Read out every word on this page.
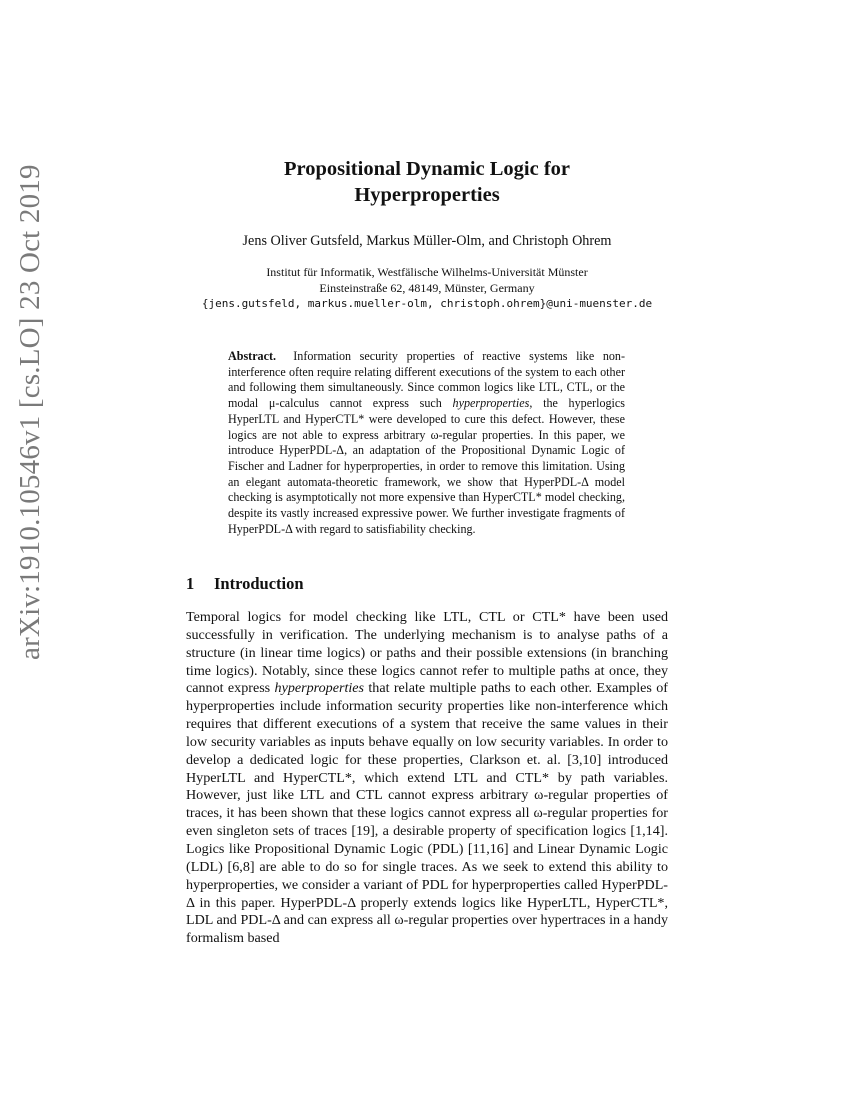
arXiv:1910.10546v1 [cs.LO] 23 Oct 2019	Propositional Dynamic Logic for
Hyperproperties
Jens Oliver Gutsfeld, Markus Müller-Olm, and Christoph Ohrem
Institut für Informatik, Westfälische Wilhelms-Universität Münster
Einsteinstraße 62, 48149, Münster, Germany
{jens.gutsfeld, markus.mueller-olm, christoph.ohrem}@uni-muenster.de
Abstract. Information security properties of reactive systems like non-interference often require relating different executions of the system to each other and following them simultaneously. Since common logics like LTL, CTL, or the modal μ-calculus cannot express such hyperproperties, the hyperlogics HyperLTL and HyperCTL* were developed to cure this defect. However, these logics are not able to express arbitrary ω-regular properties. In this paper, we introduce HyperPDL-Δ, an adaptation of the Propositional Dynamic Logic of Fischer and Ladner for hyperproperties, in order to remove this limitation. Using an elegant automata-theoretic framework, we show that HyperPDL-Δ model checking is asymptotically not more expensive than HyperCTL* model checking, despite its vastly increased expressive power. We further investigate fragments of HyperPDL-Δ with regard to satisfiability checking.
1 Introduction
Temporal logics for model checking like LTL, CTL or CTL* have been used successfully in verification. The underlying mechanism is to analyse paths of a structure (in linear time logics) or paths and their possible extensions (in branching time logics). Notably, since these logics cannot refer to multiple paths at once, they cannot express hyperproperties that relate multiple paths to each other. Examples of hyperproperties include information security properties like non-interference which requires that different executions of a system that receive the same values in their low security variables as inputs behave equally on low security variables. In order to develop a dedicated logic for these properties, Clarkson et. al. [3,10] introduced HyperLTL and HyperCTL*, which extend LTL and CTL* by path variables. However, just like LTL and CTL cannot express arbitrary ω-regular properties of traces, it has been shown that these logics cannot express all ω-regular properties for even singleton sets of traces [19], a desirable property of specification logics [1,14]. Logics like Propositional Dynamic Logic (PDL) [11,16] and Linear Dynamic Logic (LDL) [6,8] are able to do so for single traces. As we seek to extend this ability to hyperproperties, we consider a variant of PDL for hyperproperties called HyperPDL-Δ in this paper. HyperPDL-Δ properly extends logics like HyperLTL, HyperCTL*, LDL and PDL-Δ and can express all ω-regular properties over hypertraces in a handy formalism based
